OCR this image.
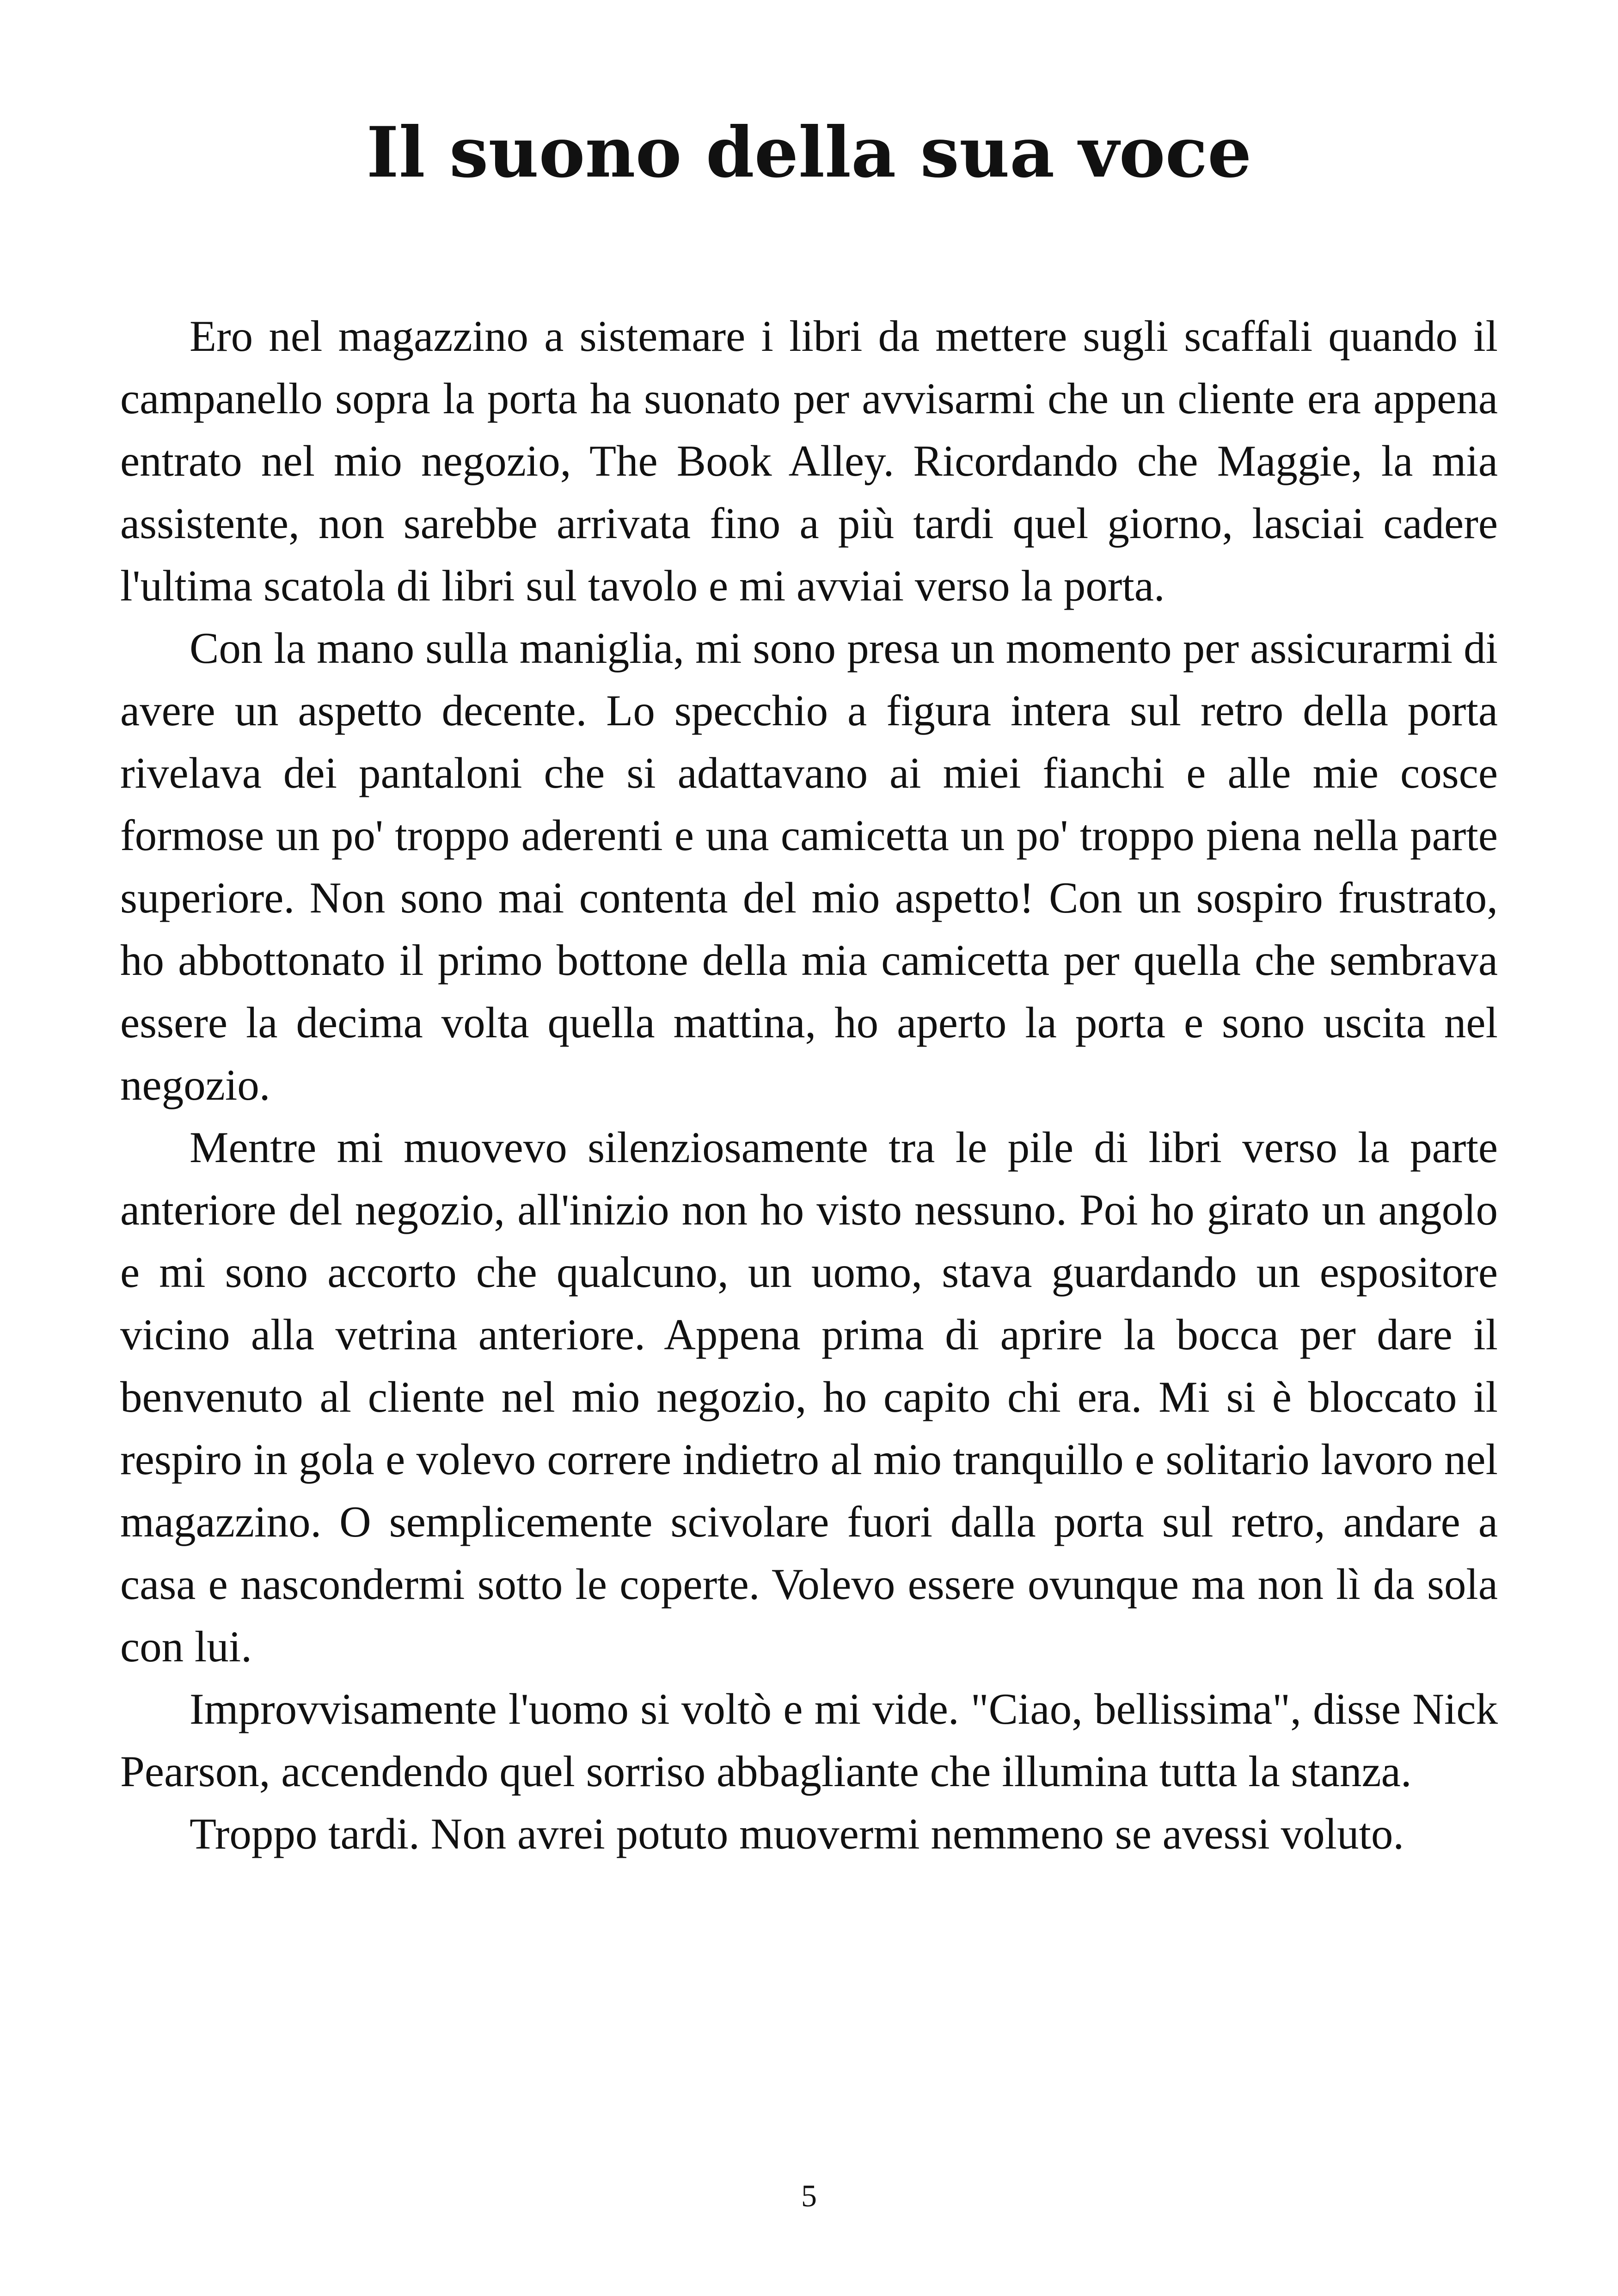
Il suono della sua voce

Ero nel magazzino a sistemare i libri da mettere sugli scaffali quando il campanello sopra la porta ha suonato per avvisarmi che un cliente era appena entrato nel mio negozio, The Book Alley. Ricordando che Maggie, la mia assistente, non sarebbe arrivata fino a più tardi quel giorno, lasciai cadere l'ultima scatola di libri sul tavolo e mi avviai verso la porta.

Con la mano sulla maniglia, mi sono presa un momento per assicurarmi di avere un aspetto decente. Lo specchio a figura intera sul retro della porta rivelava dei pantaloni che si adattavano ai miei fianchi e alle mie cosce formose un po' troppo aderenti e una camicetta un po' troppo piena nella parte superiore. Non sono mai contenta del mio aspetto! Con un sospiro frustrato, ho abbottonato il primo bottone della mia camicetta per quella che sembrava essere la decima volta quella mattina, ho aperto la porta e sono uscita nel negozio.

Mentre mi muovevo silenziosamente tra le pile di libri verso la parte anteriore del negozio, all'inizio non ho visto nessuno. Poi ho girato un angolo e mi sono accorto che qualcuno, un uomo, stava guardando un espositore vicino alla vetrina anteriore. Appena prima di aprire la bocca per dare il benvenuto al cliente nel mio negozio, ho capito chi era. Mi si è bloccato il respiro in gola e volevo correre indietro al mio tranquillo e solitario lavoro nel magazzino. O semplicemente scivolare fuori dalla porta sul retro, andare a casa e nascondermi sotto le coperte. Volevo essere ovunque ma non lì da sola con lui.

Improvvisamente l'uomo si voltò e mi vide. "Ciao, bellissima", disse Nick Pearson, accendendo quel sorriso abbagliante che illumina tutta la stanza.

Troppo tardi. Non avrei potuto muovermi nemmeno se avessi voluto.

5
